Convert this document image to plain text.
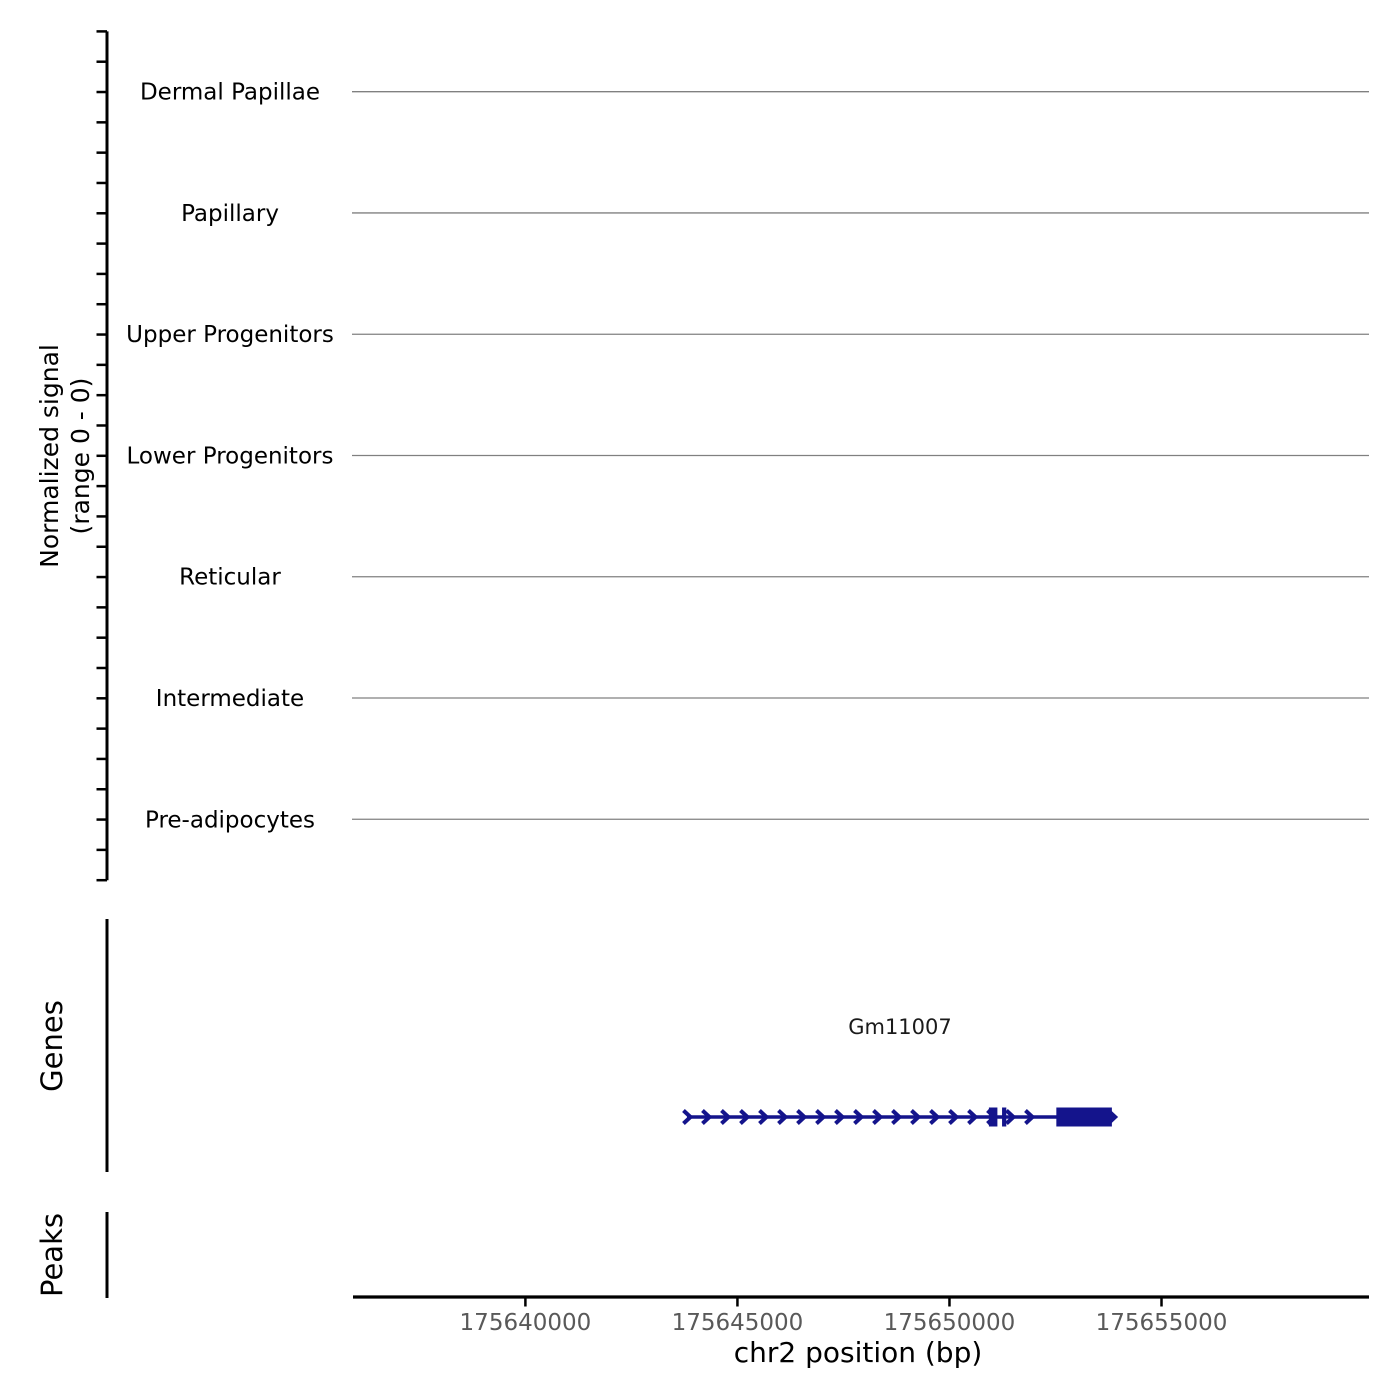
Normalized signal (range 0 - 0)
Dermal Papillae
Papillary
Upper Progenitors
Lower Progenitors
Reticular
Intermediate
Pre-adipocytes
Genes	Gm11007
Peaks
175640000	175645000	175650000	175655000
chr2 position (bp)
